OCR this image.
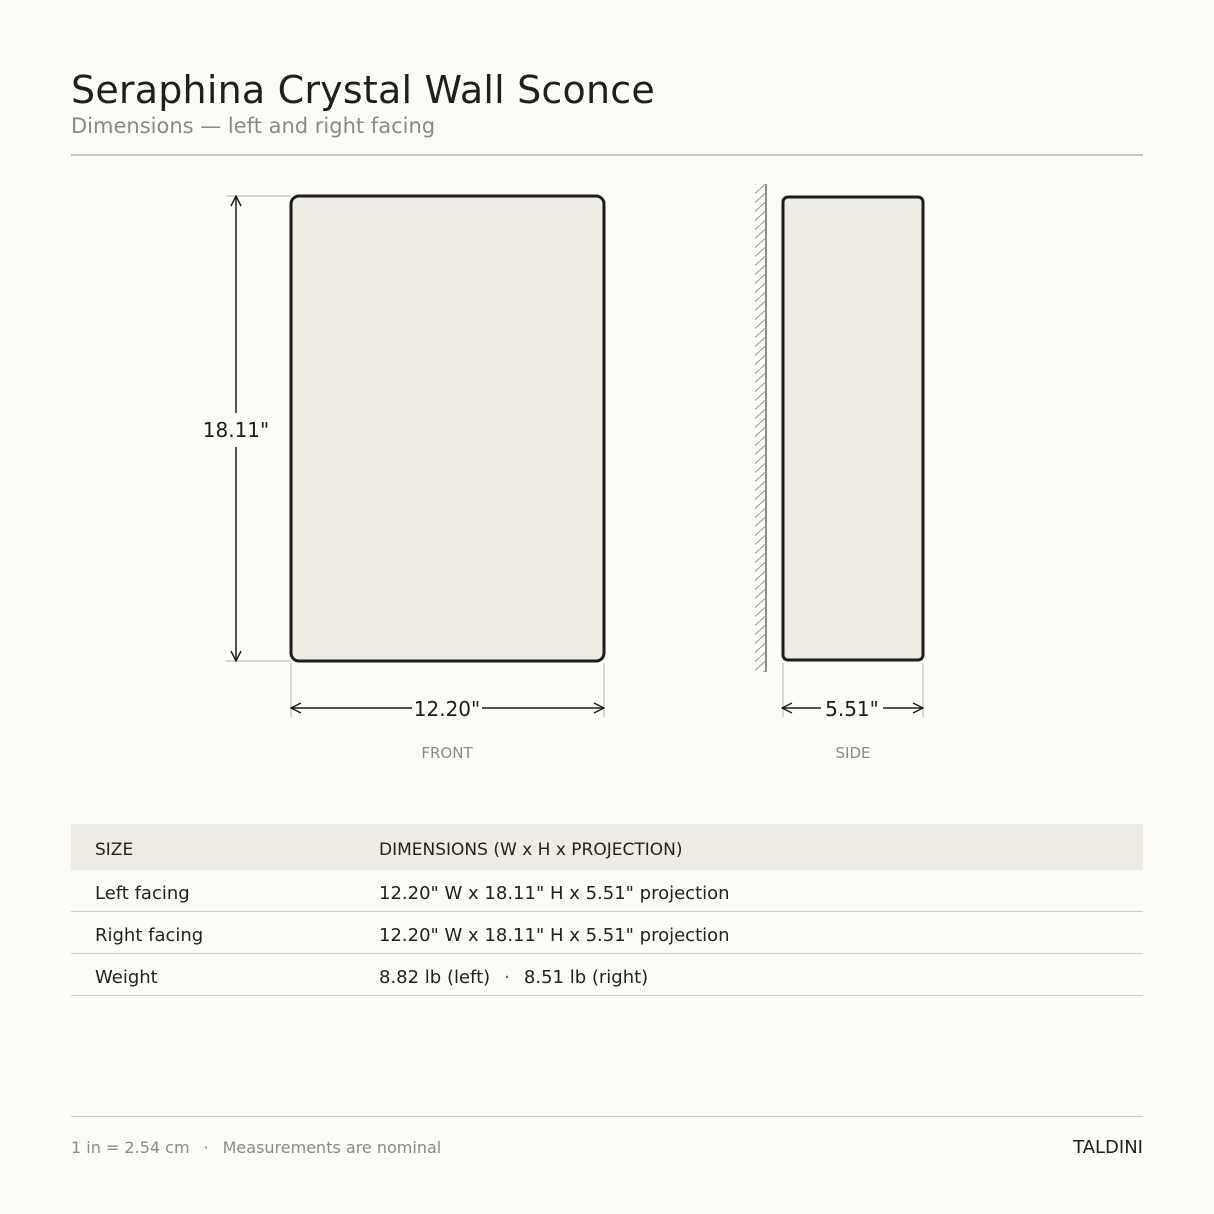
Seraphina Crystal Wall Sconce
Dimensions — left and right facing
18.11"
12.20"
FRONT
5.51"
SIDE
SIZE	DIMENSIONS (W x H x PROJECTION)
Left facing	12.20" W x 18.11" H x 5.51" projection
Right facing	12.20" W x 18.11" H x 5.51" projection
Weight	8.82 lb (left) · 8.51 lb (right)
1 in = 2.54 cm · Measurements are nominal	TALDINI
